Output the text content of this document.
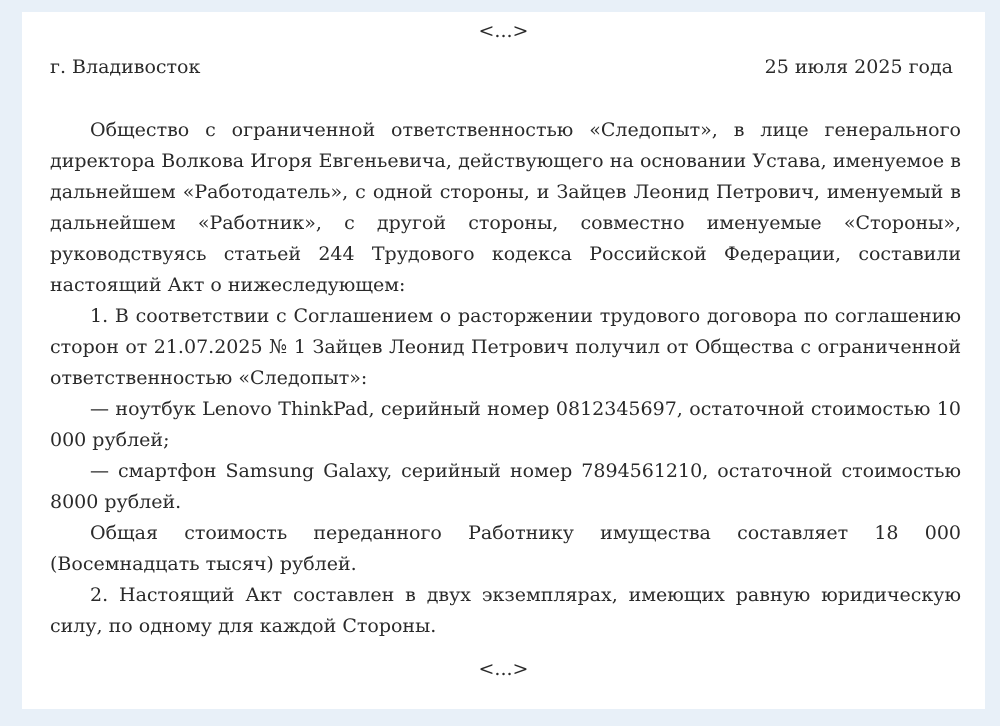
<...>
г. Владивосток	25 июля 2025 года

Общество с ограниченной ответственностью «Следопыт», в лице генерального директора Волкова Игоря Евгеньевича, действующего на основании Устава, именуемое в дальнейшем «Работодатель», с одной стороны, и Зайцев Леонид Петрович, именуемый в дальнейшем «Работник», с другой стороны, совместно именуемые «Стороны», руководствуясь статьей 244 Трудового кодекса Российской Федерации, составили настоящий Акт о нижеследующем:

1. В соответствии с Соглашением о расторжении трудового договора по соглашению сторон от 21.07.2025 № 1 Зайцев Леонид Петрович получил от Общества с ограниченной ответственностью «Следопыт»:

— ноутбук Lenovo ThinkPad, серийный номер 0812345697, остаточной стоимостью 10 000 рублей;

— смартфон Samsung Galaxy, серийный номер 7894561210, остаточной стоимостью 8000 рублей.

Общая стоимость переданного Работнику имущества составляет 18 000 (Восемнадцать тысяч) рублей.

2. Настоящий Акт составлен в двух экземплярах, имеющих равную юридическую силу, по одному для каждой Стороны.

<...>
